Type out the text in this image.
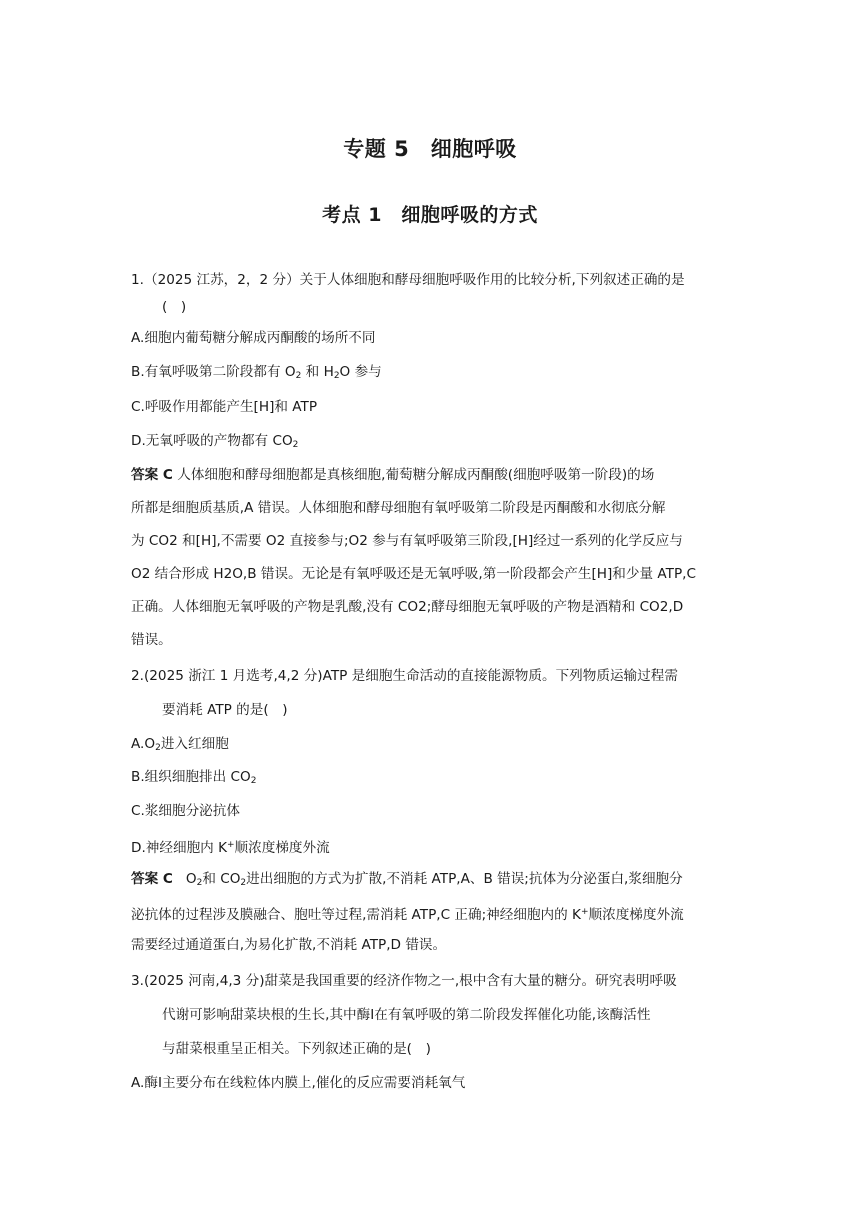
专题 5　细胞呼吸
考点 1　细胞呼吸的方式
1.（2025 江苏，2，2 分）关于人体细胞和酵母细胞呼吸作用的比较分析,下列叙述正确的是
(　)
A.细胞内葡萄糖分解成丙酮酸的场所不同
B.有氧呼吸第二阶段都有 $O_2$ 和 $H_2O$ 参与
C.呼吸作用都能产生[H]和 ATP
D.无氧呼吸的产物都有 $CO_2$
答案 C 人体细胞和酵母细胞都是真核细胞,葡萄糖分解成丙酮酸(细胞呼吸第一阶段)的场
所都是细胞质基质,A 错误。人体细胞和酵母细胞有氧呼吸第二阶段是丙酮酸和水彻底分解
为 CO2 和[H],不需要 O2 直接参与;O2 参与有氧呼吸第三阶段,[H]经过一系列的化学反应与
O2 结合形成 H2O,B 错误。无论是有氧呼吸还是无氧呼吸,第一阶段都会产生[H]和少量 ATP,C
正确。人体细胞无氧呼吸的产物是乳酸,没有 CO2;酵母细胞无氧呼吸的产物是酒精和 CO2,D
错误。
2.(2025 浙江 1 月选考,4,2 分)ATP 是细胞生命活动的直接能源物质。下列物质运输过程需
要消耗 ATP 的是(　)
$A.O_2$进入红细胞
B.组织细胞排出 $CO_2$
C.浆细胞分泌抗体
D.神经细胞内 K+顺浓度梯度外流
答案 C $O_2$和 $CO_2$进出细胞的方式为扩散,不消耗 ATP,A、B 错误;抗体为分泌蛋白,浆细胞分
泌抗体的过程涉及膜融合、胞吐等过程,需消耗 ATP,C 正确;神经细胞内的 K+顺浓度梯度外流
需要经过通道蛋白,为易化扩散,不消耗 ATP,D 错误。
3.(2025 河南,4,3 分)甜菜是我国重要的经济作物之一,根中含有大量的糖分。研究表明呼吸
代谢可影响甜菜块根的生长,其中酶Ⅰ在有氧呼吸的第二阶段发挥催化功能,该酶活性
与甜菜根重呈正相关。下列叙述正确的是(　)
A.酶Ⅰ主要分布在线粒体内膜上,催化的反应需要消耗氧气
